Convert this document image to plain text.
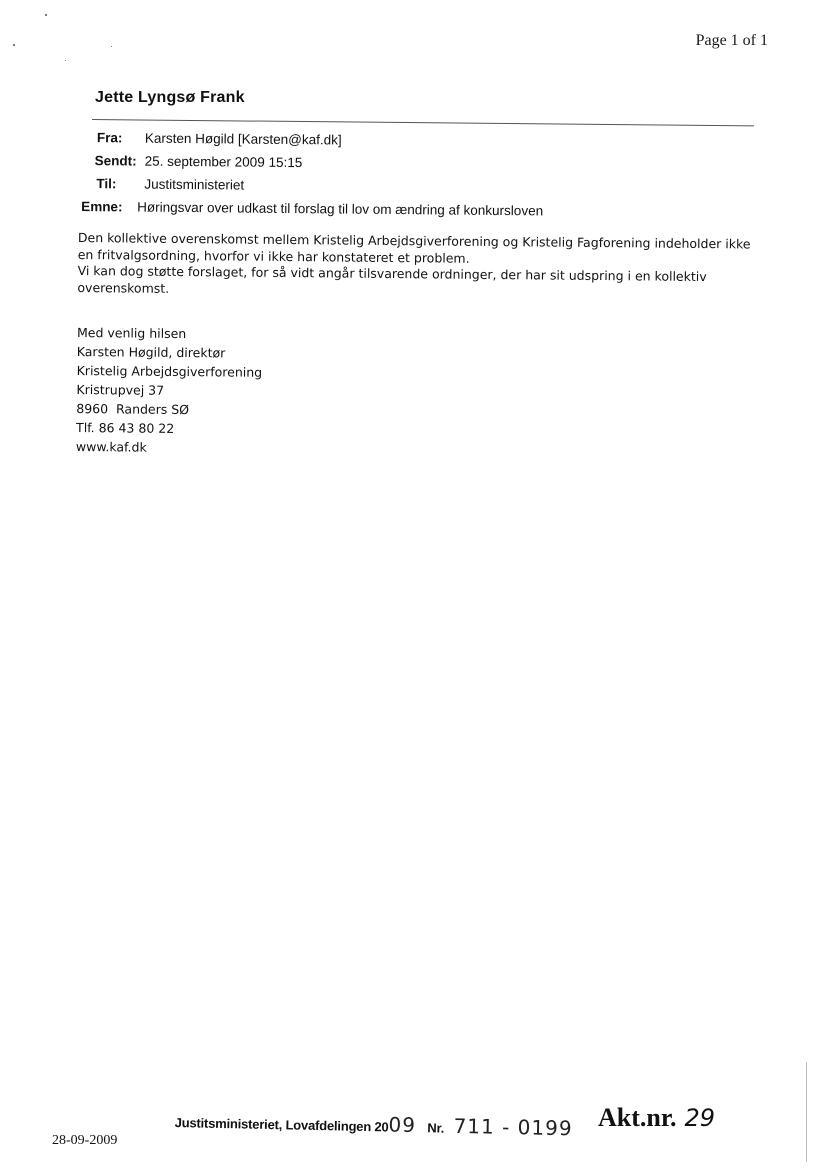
Page 1 of 1
Jette Lyngsø Frank
Fra:	Karsten Høgild [Karsten@kaf.dk]
Sendt: 25. september 2009 15:15
Til:	Justitsministeriet
Emne:	Høringsvar over udkast til forslag til lov om ændring af konkursloven

Den kollektive overenskomst mellem Kristelig Arbejdsgiverforening og Kristelig Fagforening indeholder ikke

en fritvalgsordning, hvorfor vi ikke har konstateret et problem.

Vi kan dog støtte forslaget, for så vidt angår tilsvarende ordninger, der har sit udspring i en kollektiv

overenskomst.

Med venlig hilsen
Karsten Høgild, direktør
Kristelig Arbejdsgiverforening
Kristrupvej 37
8960  Randers SØ
Tlf. 86 43 80 22
www.kaf.dk
Justitsministeriet, Lovafdelingen 2009 Nr. 711 - 0199 Akt.nr. 29
28-09-2009
